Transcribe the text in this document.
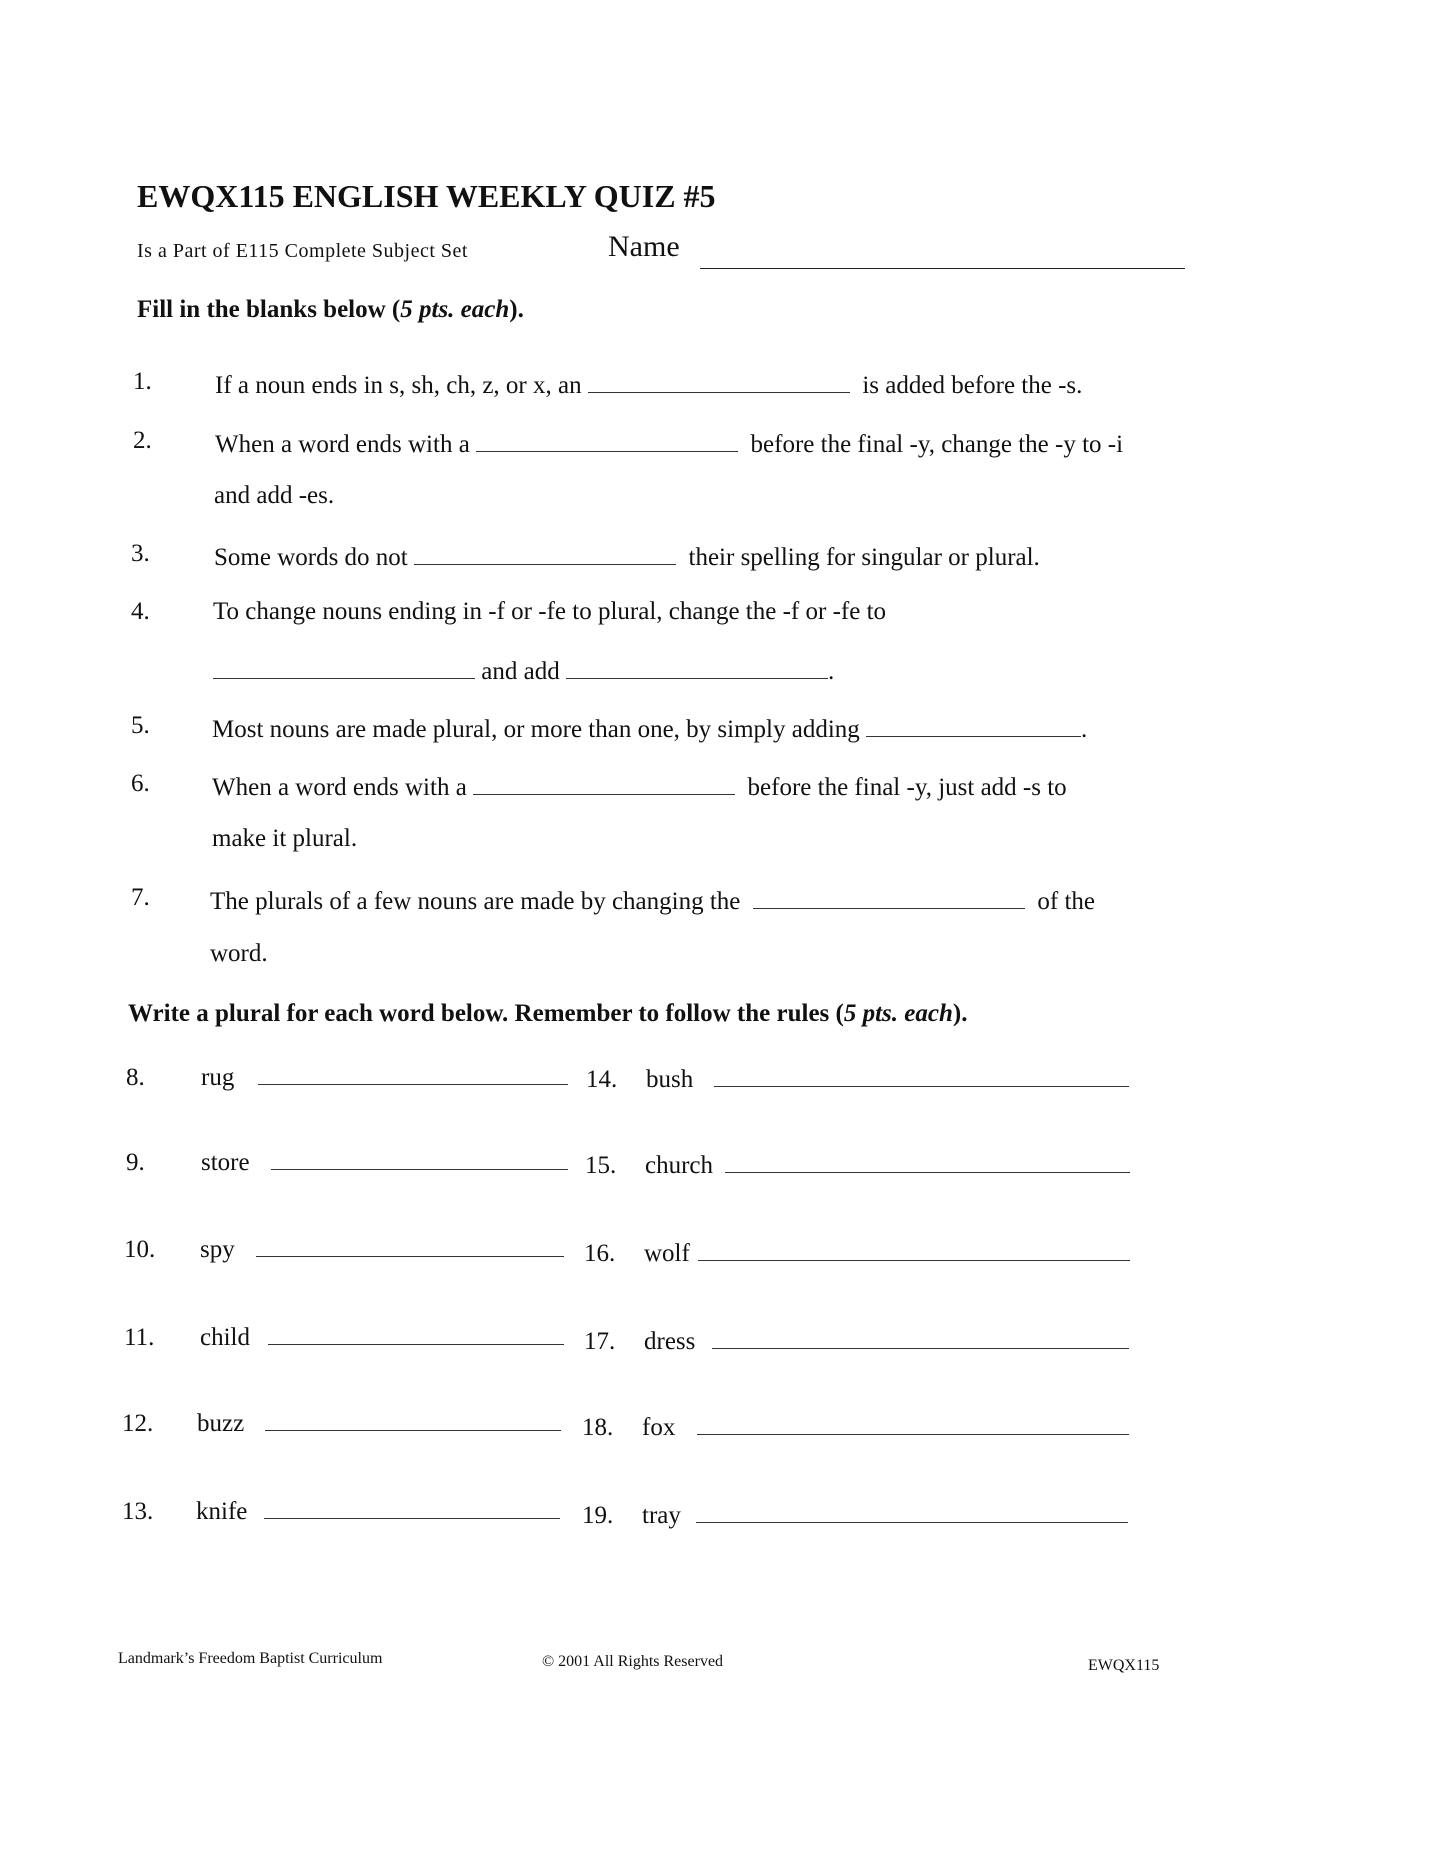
EWQX115 ENGLISH WEEKLY QUIZ #5
Is a Part of E115 Complete Subject Set	Name
Fill in the blanks below (5 pts. each).
1.	If a noun ends in s, sh, ch, z, or x, an	is added before the -s.
2.	When a word ends with a	before the final -y, change the -y to -i
and add -es.
3.	Some words do not	their spelling for singular or plural.
4.	To change nouns ending in -f or -fe to plural, change the -f or -fe to
and add	.
5. Most nouns are made plural, or more than one, by simply adding	.
6. When a word ends with a	before the final -y, just add -s to
make it plural.
7. The plurals of a few nouns are made by changing the	of the
word.
Write a plural for each word below. Remember to follow the rules (5 pts. each).
8. rug
9. store
10. spy
11. child
12. buzz
13. knife
14. bush
15. church
16. wolf
17. dress
18. fox
19. tray
Landmark’s Freedom Baptist Curriculum	© 2001 All Rights Reserved	EWQX115
